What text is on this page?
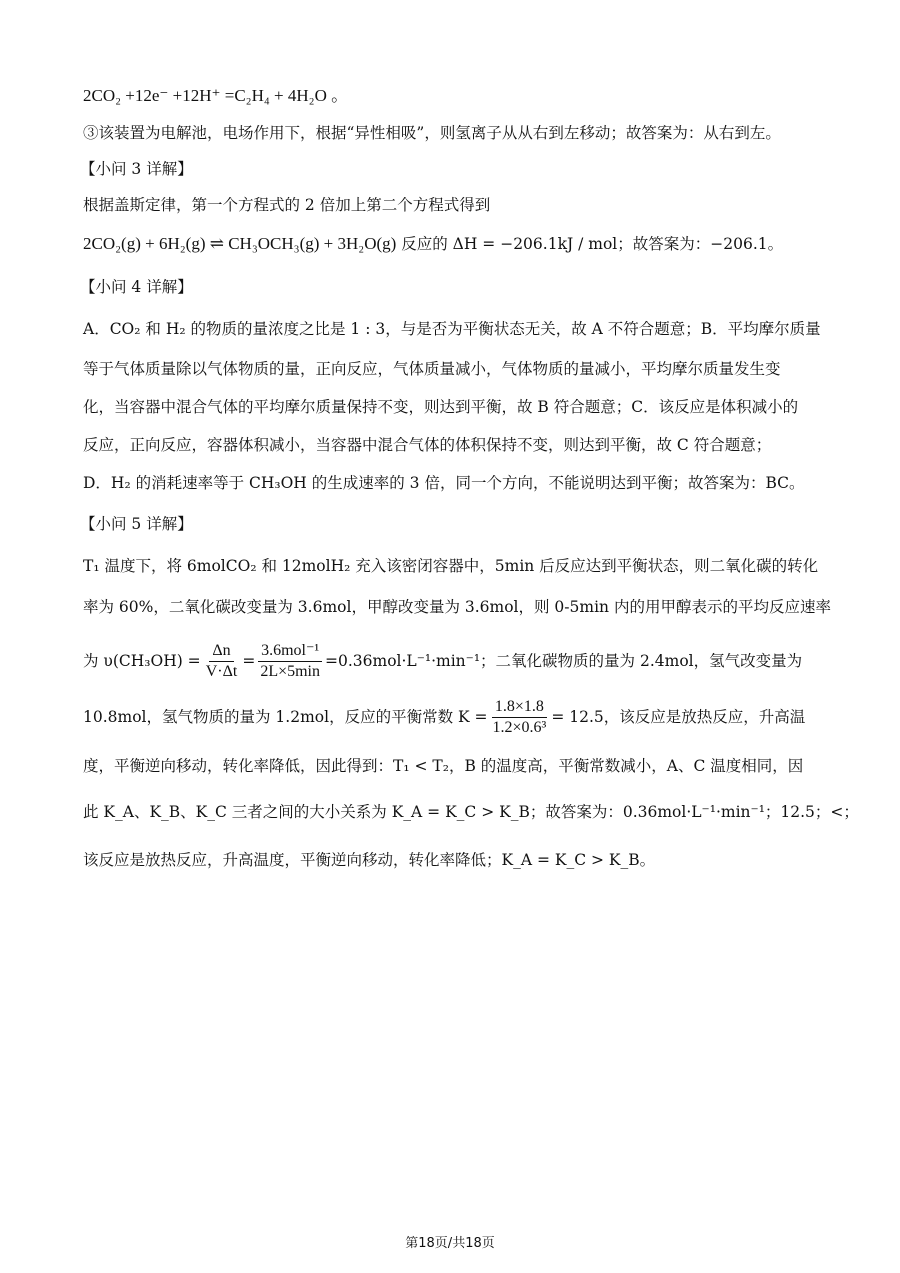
2CO₂ +12e⁻ +12H⁺ =C₂H₄ + 4H₂O 。
③该装置为电解池，电场作用下，根据“异性相吸”，则氢离子从从右到左移动；故答案为：从右到左。
【小问 3 详解】
根据盖斯定律，第一个方程式的 2 倍加上第二个方程式得到
2CO₂(g) + 6H₂(g) ⇌ CH₃OCH₃(g) + 3H₂O(g) 反应的 ΔH = −206.1kJ / mol；故答案为：−206.1。
【小问 4 详解】
A．CO₂ 和 H₂ 的物质的量浓度之比是 1 : 3，与是否为平衡状态无关，故 A 不符合题意；B．平均摩尔质量
等于气体质量除以气体物质的量，正向反应，气体质量减小，气体物质的量减小，平均摩尔质量发生变
化，当容器中混合气体的平均摩尔质量保持不变，则达到平衡，故 B 符合题意；C．该反应是体积减小的
反应，正向反应，容器体积减小，当容器中混合气体的体积保持不变，则达到平衡，故 C 符合题意；
D．H₂ 的消耗速率等于 CH₃OH 的生成速率的 3 倍，同一个方向，不能说明达到平衡；故答案为：BC。
【小问 5 详解】
T₁ 温度下，将 6molCO₂ 和 12molH₂ 充入该密闭容器中，5min 后反应达到平衡状态，则二氧化碳的转化
率为 60%，二氧化碳改变量为 3.6mol，甲醇改变量为 3.6mol，则 0-5min 内的用甲醇表示的平均反应速率
为 $\upsilon(CH_3OH) = \frac{\Delta n}{V\cdot\Delta t} = \frac{\text{3.6mol⁻¹}}{2L\times 5\min} =0.36mol\cdot L^{-1}\cdot\min^{-1}$；二氧化碳物质的量为 2.4mol，氢气改变量为
10.8mol，氢气物质的量为 1.2mol，反应的平衡常数 $K = \frac{1.8\times 1.8}{\text{1.2×0.6³}} = 12.5$，该反应是放热反应，升高温
度，平衡逆向移动，转化率降低，因此得到：T₁ < T₂，B 的温度高，平衡常数减小，A、C 温度相同，因
此 K_A、K_B、K_C 三者之间的大小关系为 K_A = K_C > K_B；故答案为：0.36mol·L⁻¹·min⁻¹；12.5；<；
该反应是放热反应，升高温度，平衡逆向移动，转化率降低；K_A = K_C > K_B。
第18页/共18页
